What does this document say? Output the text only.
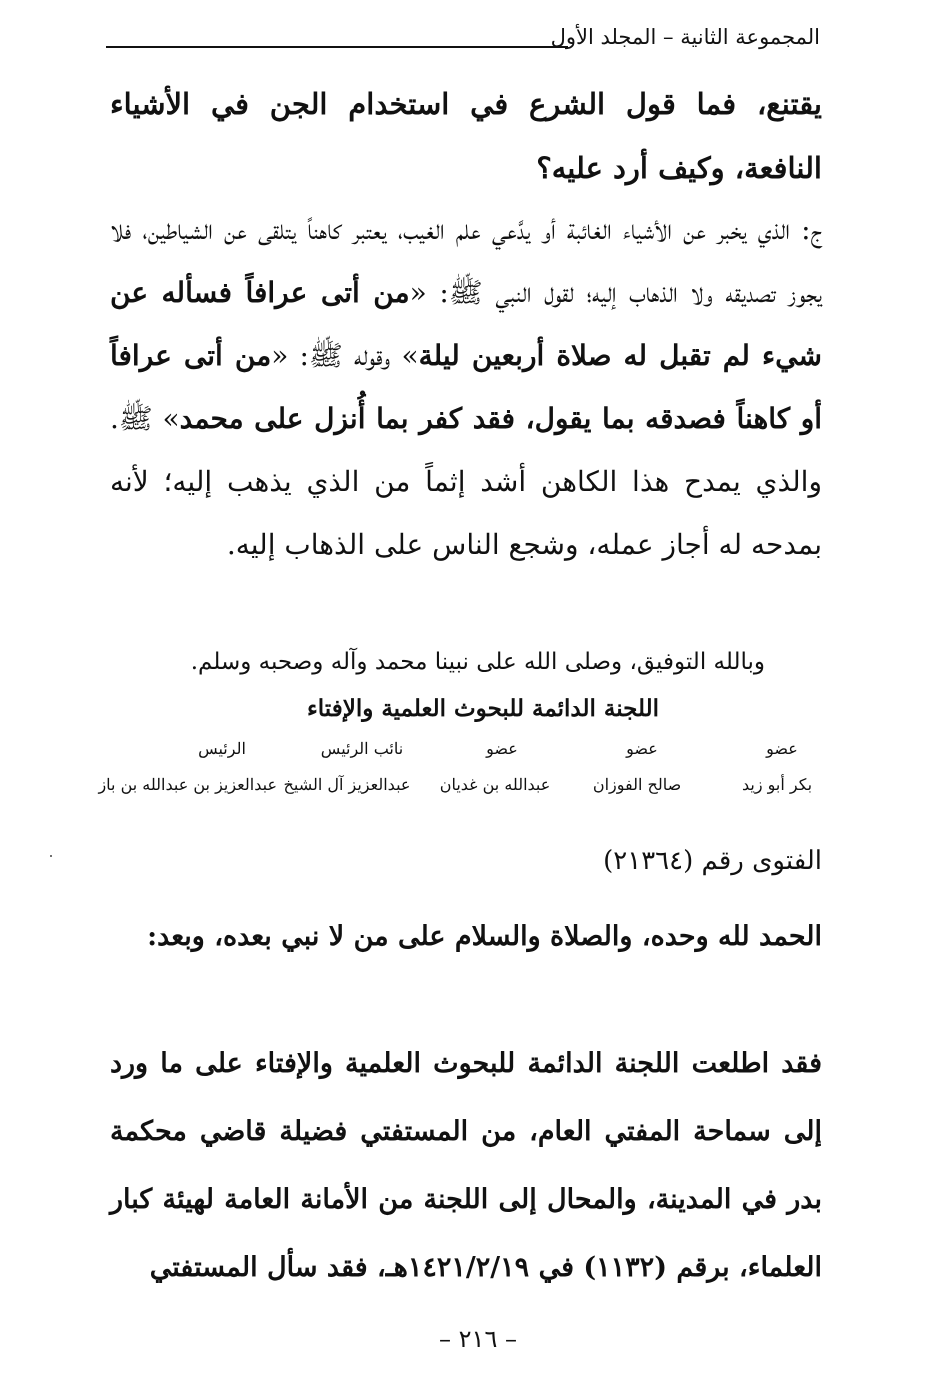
المجموعة الثانية – المجلد الأول
يقتنع، فما قول الشرع في استخدام الجن في الأشياء النافعة، وكيف أرد عليه؟
ج: الذي يخبر عن الأشياء الغائبة أو يدَّعي علم الغيب، يعتبر كاهناً يتلقى عن الشياطين، فلا يجوز تصديقه ولا الذهاب إليه؛ لقول النبي ﷺ: «من أتى عرافاً فسأله عن شيء لم تقبل له صلاة أربعين ليلة» وقوله ﷺ: «من أتى عرافاً أو كاهناً فصدقه بما يقول، فقد كفر بما أُنزل على محمد» ﷺ. والذي يمدح هذا الكاهن أشد إثماً من الذي يذهب إليه؛ لأنه بمدحه له أجاز عمله، وشجع الناس على الذهاب إليه.
وبالله التوفيق، وصلى الله على نبينا محمد وآله وصحبه وسلم.
اللجنة الدائمة للبحوث العلمية والإفتاء
عضو
عضو
عضو
نائب الرئيس
الرئيس
بكر أبو زيد
صالح الفوزان
عبدالله بن غديان
عبدالعزيز آل الشيخ
عبدالعزيز بن عبدالله بن باز
الفتوى رقم (٢١٣٦٤)
الحمد لله وحده، والصلاة والسلام على من لا نبي بعده، وبعد:
فقد اطلعت اللجنة الدائمة للبحوث العلمية والإفتاء على ما ورد إلى سماحة المفتي العام، من المستفتي فضيلة قاضي محكمة بدر في المدينة، والمحال إلى اللجنة من الأمانة العامة لهيئة كبار العلماء، برقم (١١٣٢) في ١٤٢١/٢/١٩هـ، فقد سأل المستفتي
– ٢١٦ –
